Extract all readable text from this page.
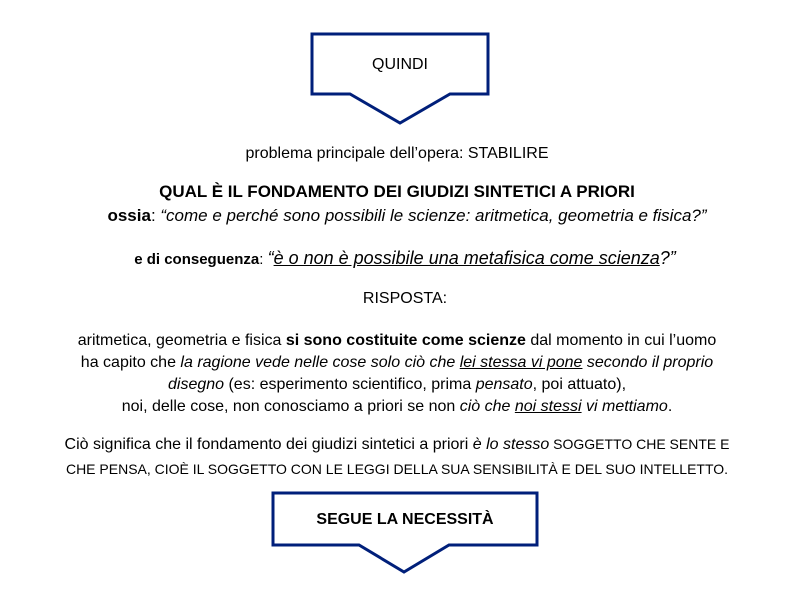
QUINDI
problema principale dell’opera: STABILIRE
QUAL È IL FONDAMENTO DEI GIUDIZI SINTETICI A PRIORI
ossia: “come e perché sono possibili le scienze: aritmetica, geometria e fisica?”
e di conseguenza: “è o non è possibile una metafisica come scienza?”
RISPOSTA:
aritmetica, geometria e fisica si sono costituite come scienze dal momento in cui l’uomo
ha capito che la ragione vede nelle cose solo ciò che lei stessa vi pone secondo il proprio
disegno (es: esperimento scientifico, prima pensato, poi attuato),
noi, delle cose, non conosciamo a priori se non ciò che noi stessi vi mettiamo.
Ciò significa che il fondamento dei giudizi sintetici a priori è lo stesso SOGGETTO CHE SENTE E
CHE PENSA, CIOÈ IL SOGGETTO CON LE LEGGI DELLA SUA SENSIBILITÀ E DEL SUO INTELLETTO.
SEGUE LA NECESSITÀ
